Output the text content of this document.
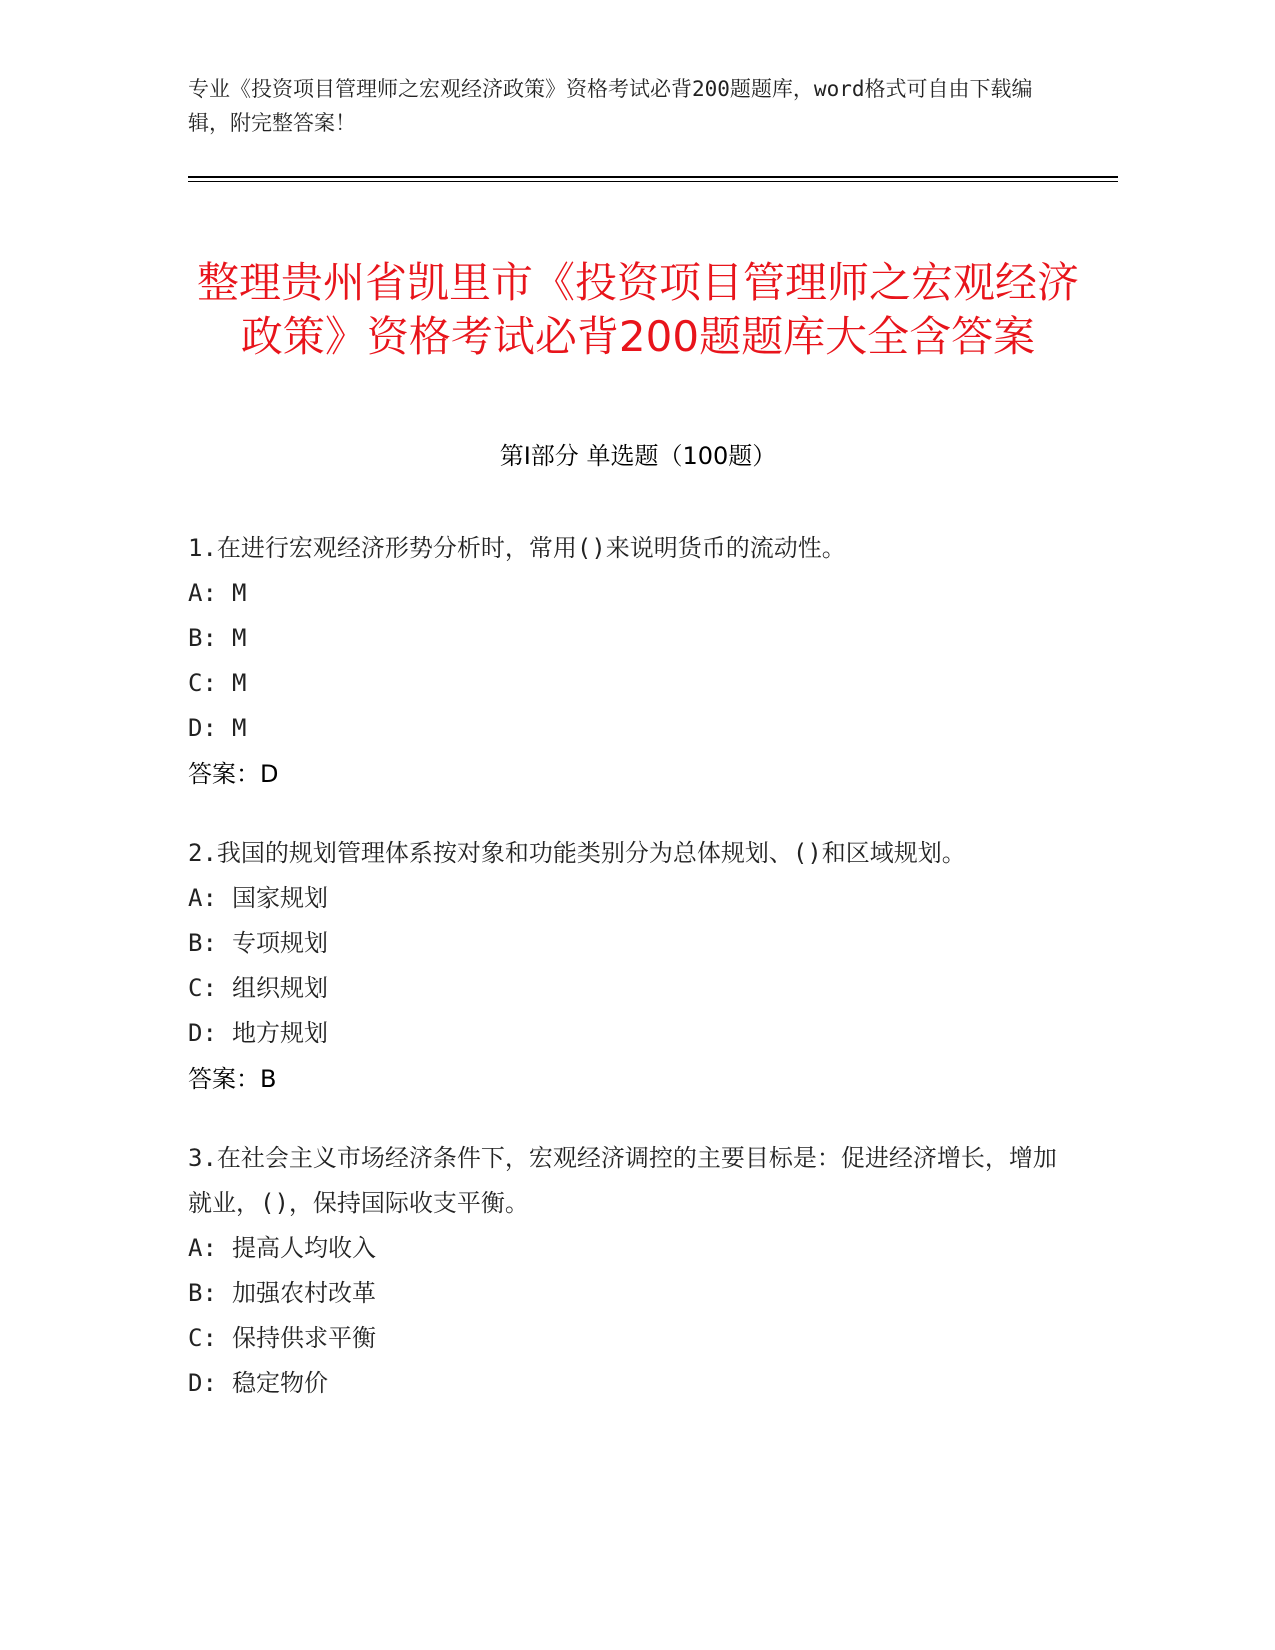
专业《投资项目管理师之宏观经济政策》资格考试必背200题题库，word格式可自由下载编辑，附完整答案！
整理贵州省凯里市《投资项目管理师之宏观经济政策》资格考试必背200题题库大全含答案
第Ⅰ部分 单选题（100题）
1.在进行宏观经济形势分析时，常用()来说明货币的流动性。
A: M
B: M
C: M
D: M
答案：D
2.我国的规划管理体系按对象和功能类别分为总体规划、()和区域规划。
A: 国家规划
B: 专项规划
C: 组织规划
D: 地方规划
答案：B
3.在社会主义市场经济条件下，宏观经济调控的主要目标是：促进经济增长，增加就业，()，保持国际收支平衡。
A: 提高人均收入
B: 加强农村改革
C: 保持供求平衡
D: 稳定物价
